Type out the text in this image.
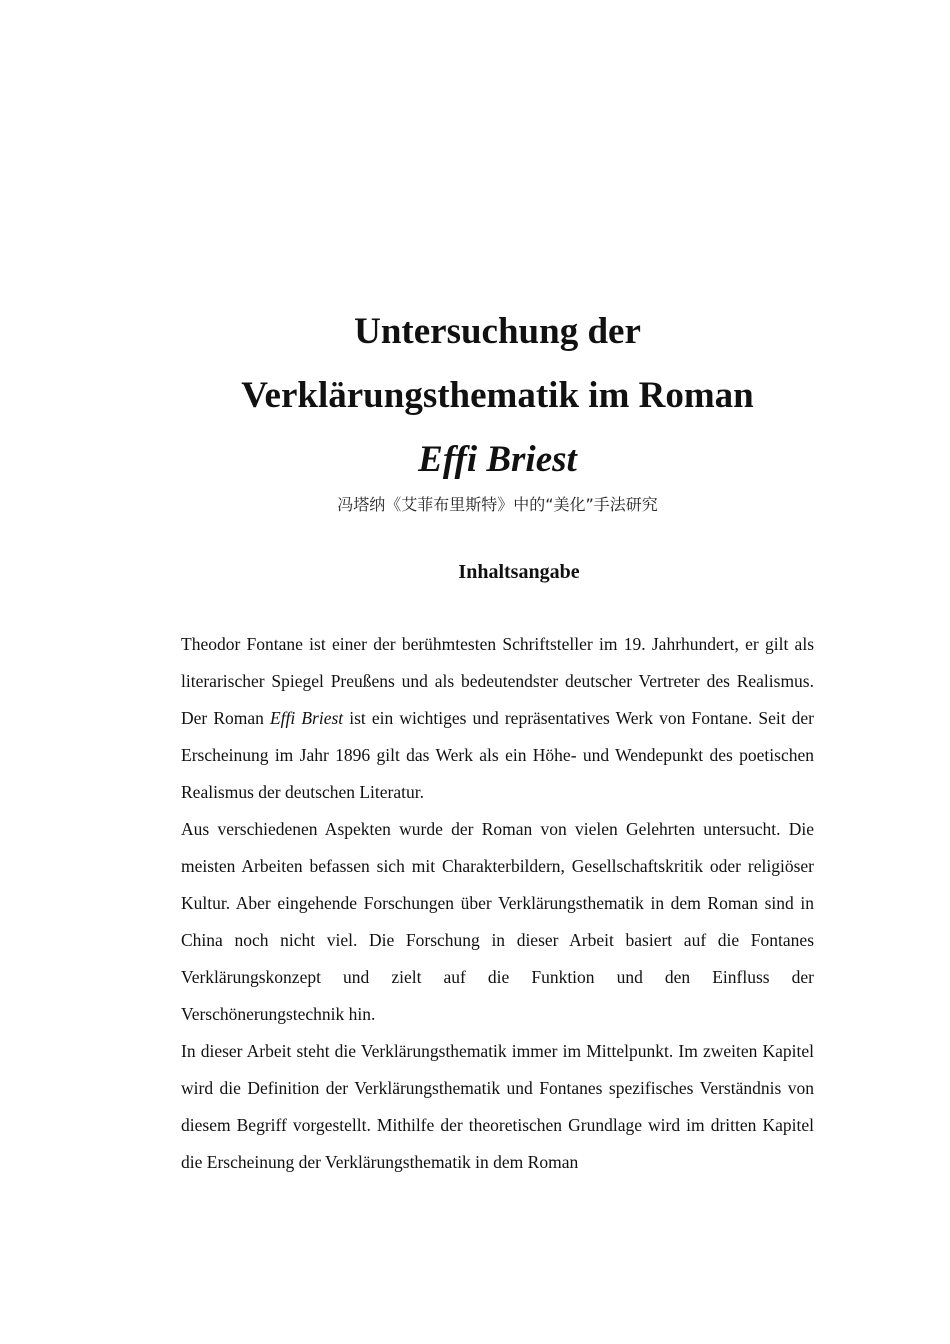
Untersuchung der

Verklärungsthematik im Roman

Effi Briest

冯塔纳《艾菲布里斯特》中的“美化”手法研究
Inhaltsangabe

Theodor Fontane ist einer der berühmtesten Schriftsteller im 19. Jahrhundert, er gilt als literarischer Spiegel Preußens und als bedeutendster deutscher Vertreter des Realismus. Der Roman Effi Briest ist ein wichtiges und repräsentatives Werk von Fontane. Seit der Erscheinung im Jahr 1896 gilt das Werk als ein Höhe- und Wendepunkt des poetischen Realismus der deutschen Literatur.

Aus verschiedenen Aspekten wurde der Roman von vielen Gelehrten untersucht. Die meisten Arbeiten befassen sich mit Charakterbildern, Gesellschaftskritik oder religiöser Kultur. Aber eingehende Forschungen über Verklärungsthematik in dem Roman sind in China noch nicht viel. Die Forschung in dieser Arbeit basiert auf die Fontanes Verklärungskonzept und zielt auf die Funktion und den Einfluss der Verschönerungstechnik hin.

In dieser Arbeit steht die Verklärungsthematik immer im Mittelpunkt. Im zweiten Kapitel wird die Definition der Verklärungsthematik und Fontanes spezifisches Verständnis von diesem Begriff vorgestellt. Mithilfe der theoretischen Grundlage wird im dritten Kapitel die Erscheinung der Verklärungsthematik in dem Roman
